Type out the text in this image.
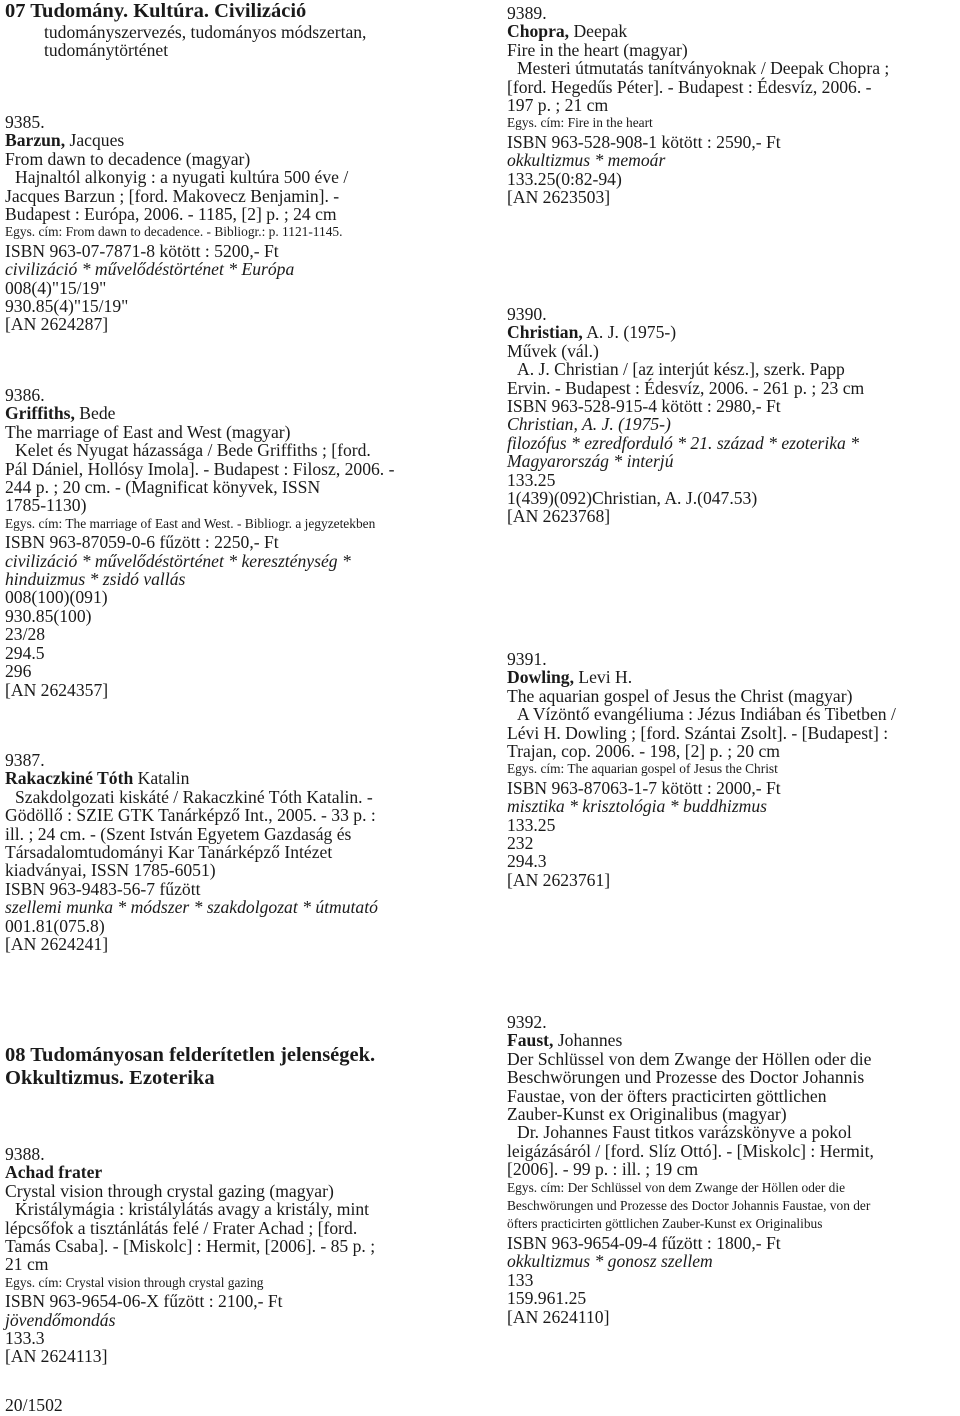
07 Tudomány. Kultúra. Civilizáció
tudományszervezés, tudományos módszertan,
tudománytörténet
9385.
Barzun, Jacques
From dawn to decadence (magyar)
Hajnaltól alkonyig : a nyugati kultúra 500 éve /
Jacques Barzun ; [ford. Makovecz Benjamin]. -
Budapest : Európa, 2006. - 1185, [2] p. ; 24 cm
Egys. cím: From dawn to decadence. - Bibliogr.: p. 1121-1145.
ISBN 963-07-7871-8 kötött : 5200,- Ft
civilizáció * művelődéstörténet * Európa
008(4)"15/19"
930.85(4)"15/19"
[AN 2624287]
9386.
Griffiths, Bede
The marriage of East and West (magyar)
Kelet és Nyugat házassága / Bede Griffiths ; [ford.
Pál Dániel, Hollósy Imola]. - Budapest : Filosz, 2006. -
244 p. ; 20 cm. - (Magnificat könyvek, ISSN
1785-1130)
Egys. cím: The marriage of East and West. - Bibliogr. a jegyzetekben
ISBN 963-87059-0-6 fűzött : 2250,- Ft
civilizáció * művelődéstörténet * kereszténység *
hinduizmus * zsidó vallás
008(100)(091)
930.85(100)
23/28
294.5
296
[AN 2624357]
9387.
Rakaczkiné Tóth Katalin
Szakdolgozati kiskáté / Rakaczkiné Tóth Katalin. -
Gödöllő : SZIE GTK Tanárképző Int., 2005. - 33 p. :
ill. ; 24 cm. - (Szent István Egyetem Gazdaság és
Társadalomtudományi Kar Tanárképző Intézet
kiadványai, ISSN 1785-6051)
ISBN 963-9483-56-7 fűzött
szellemi munka * módszer * szakdolgozat * útmutató
001.81(075.8)
[AN 2624241]
08 Tudományosan felderítetlen jelenségek.
Okkultizmus. Ezoterika
9388.
Achad frater
Crystal vision through crystal gazing (magyar)
Kristálymágia : kristálylátás avagy a kristály, mint
lépcsőfok a tisztánlátás felé / Frater Achad ; [ford.
Tamás Csaba]. - [Miskolc] : Hermit, [2006]. - 85 p. ;
21 cm
Egys. cím: Crystal vision through crystal gazing
ISBN 963-9654-06-X fűzött : 2100,- Ft
jövendőmondás
133.3
[AN 2624113]
9389.
Chopra, Deepak
Fire in the heart (magyar)
Mesteri útmutatás tanítványoknak / Deepak Chopra ;
[ford. Hegedűs Péter]. - Budapest : Édesvíz, 2006. -
197 p. ; 21 cm
Egys. cím: Fire in the heart
ISBN 963-528-908-1 kötött : 2590,- Ft
okkultizmus * memoár
133.25(0:82-94)
[AN 2623503]
9390.
Christian, A. J. (1975-)
Művek (vál.)
A. J. Christian / [az interjút kész.], szerk. Papp
Ervin. - Budapest : Édesvíz, 2006. - 261 p. ; 23 cm
ISBN 963-528-915-4 kötött : 2980,- Ft
Christian, A. J. (1975-)
filozófus * ezredforduló * 21. század * ezoterika *
Magyarország * interjú
133.25
1(439)(092)Christian, A. J.(047.53)
[AN 2623768]
9391.
Dowling, Levi H.
The aquarian gospel of Jesus the Christ (magyar)
A Vízöntő evangéliuma : Jézus Indiában és Tibetben /
Lévi H. Dowling ; [ford. Szántai Zsolt]. - [Budapest] :
Trajan, cop. 2006. - 198, [2] p. ; 20 cm
Egys. cím: The aquarian gospel of Jesus the Christ
ISBN 963-87063-1-7 kötött : 2000,- Ft
misztika * krisztológia * buddhizmus
133.25
232
294.3
[AN 2623761]
9392.
Faust, Johannes
Der Schlüssel von dem Zwange der Höllen oder die
Beschwörungen und Prozesse des Doctor Johannis
Faustae, von der öfters practicirten göttlichen
Zauber-Kunst ex Originalibus (magyar)
Dr. Johannes Faust titkos varázskönyve a pokol
leigázásáról / [ford. Slíz Ottó]. - [Miskolc] : Hermit,
[2006]. - 99 p. : ill. ; 19 cm
Egys. cím: Der Schlüssel von dem Zwange der Höllen oder die
Beschwörungen und Prozesse des Doctor Johannis Faustae, von der
öfters practicirten göttlichen Zauber-Kunst ex Originalibus
ISBN 963-9654-09-4 fűzött : 1800,- Ft
okkultizmus * gonosz szellem
133
159.961.25
[AN 2624110]
20/1502
